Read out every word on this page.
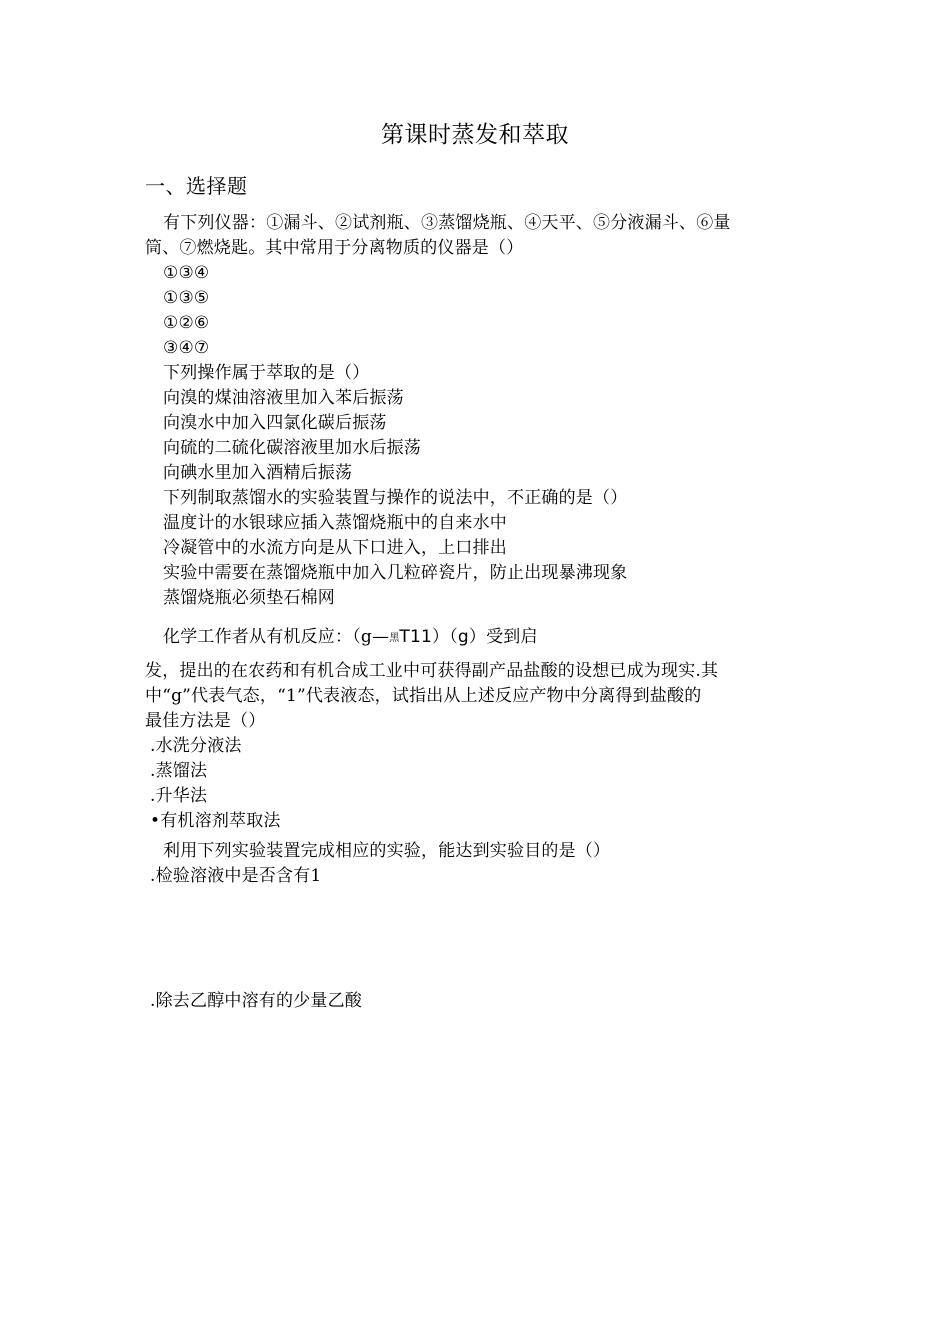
第课时蒸发和萃取
一、选择题
有下列仪器：①漏斗、②试剂瓶、③蒸馏烧瓶、④天平、⑤分液漏斗、⑥量
筒、⑦燃烧匙。其中常用于分离物质的仪器是（）
①③④
①③⑤
①②⑥
③④⑦
下列操作属于萃取的是（）
向溴的煤油溶液里加入苯后振荡
向溴水中加入四氯化碳后振荡
向硫的二硫化碳溶液里加水后振荡
向碘水里加入酒精后振荡
下列制取蒸馏水的实验装置与操作的说法中，不正确的是（）
温度计的水银球应插入蒸馏烧瓶中的自来水中
冷凝管中的水流方向是从下口进入，上口排出
实验中需要在蒸馏烧瓶中加入几粒碎瓷片，防止出现暴沸现象
蒸馏烧瓶必须垫石棉网
化学工作者从有机反应：（g—黑T11）（g）受到启
发，提出的在农药和有机合成工业中可获得副产品盐酸的设想已成为现实.其
中“g”代表气态，“1”代表液态，试指出从上述反应产物中分离得到盐酸的
最佳方法是（）
.水洗分液法
.蒸馏法
.升华法
•有机溶剂萃取法
利用下列实验装置完成相应的实验，能达到实验目的是（）
.检验溶液中是否含有1
.除去乙醇中溶有的少量乙酸
